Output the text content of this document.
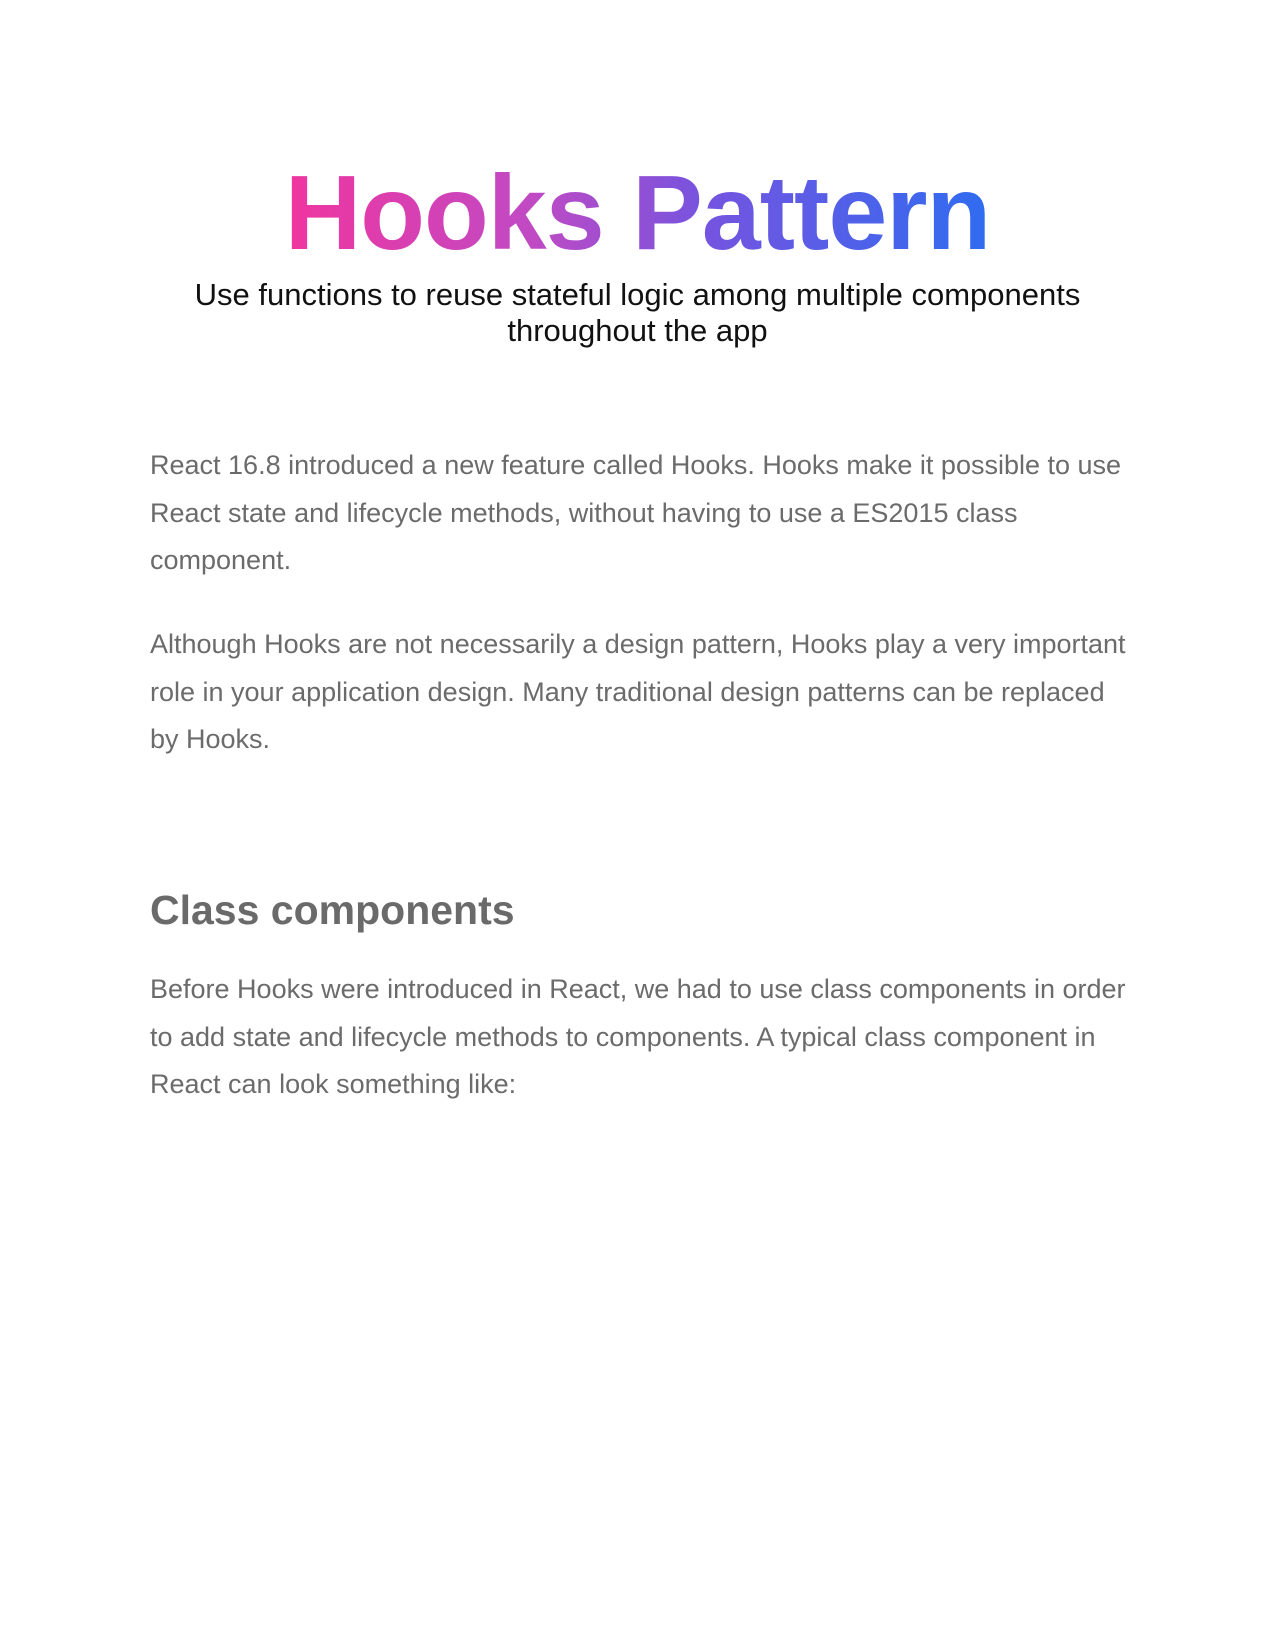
Hooks Pattern

Use functions to reuse stateful logic among multiple components throughout the app

React 16.8 introduced a new feature called Hooks. Hooks make it possible to use React state and lifecycle methods, without having to use a ES2015 class component.

Although Hooks are not necessarily a design pattern, Hooks play a very important role in your application design. Many traditional design patterns can be replaced by Hooks.

Class components

Before Hooks were introduced in React, we had to use class components in order to add state and lifecycle methods to components. A typical class component in React can look something like:
